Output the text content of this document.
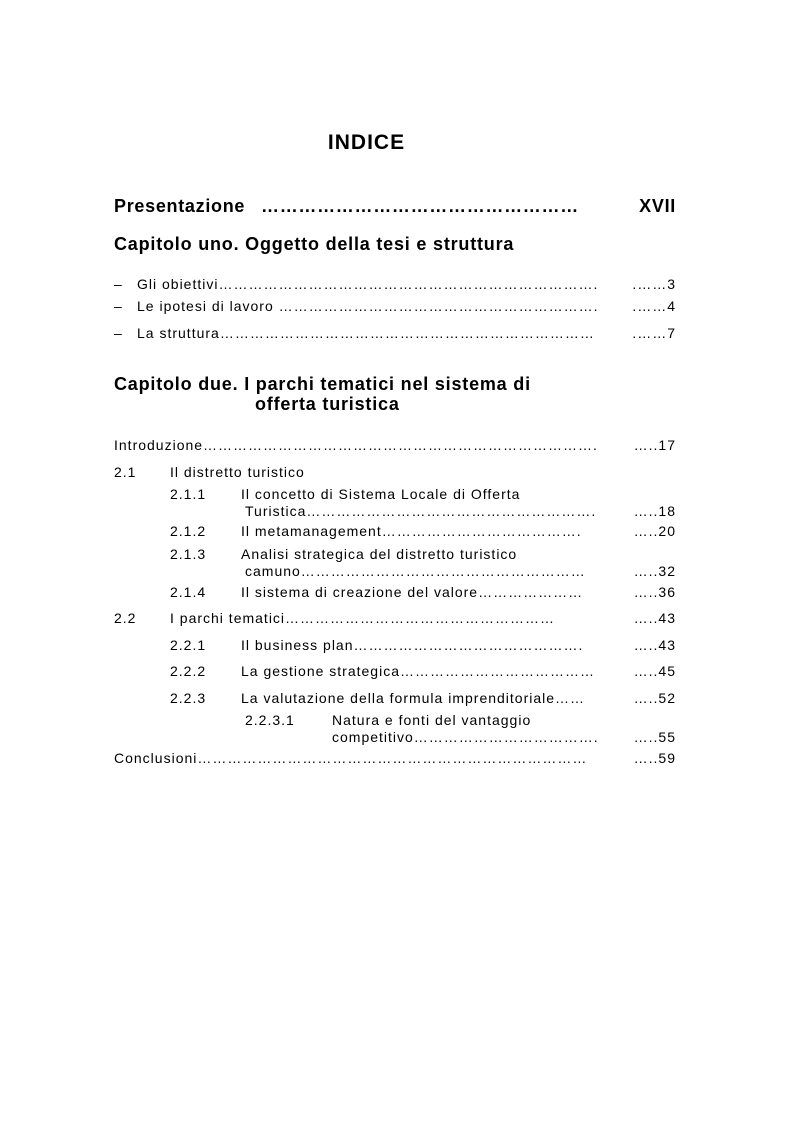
INDICE
Presentazione ……………………………………………	XVII
Capitolo uno. Oggetto della tesi e struttura
– Gli obiettivi………………………………………………………………….	.……3
– Le ipotesi di lavoro ……………………………………………………….	.……4
– La struttura…………………………………………………………………	.……7
Capitolo due. I parchi tematici nel sistema di
offerta turistica
Introduzione…………………………………………………………………….	…..17
2.1 Il distretto turistico
2.1.1 Il concetto di Sistema Locale di Offerta
Turistica………………………………………………….	…..18
2.1.2 Il metamanagement………………………………….	…..20
2.1.3 Analisi strategica del distretto turistico
camuno…………………………………………………	…..32
2.1.4 Il sistema di creazione del valore…………………	…..36
2.2 I parchi tematici………………………………………………	…..43
2.2.1 Il business plan……………………………………….	…..43
2.2.2 La gestione strategica…………………………………	…..45
2.2.3 La valutazione della formula imprenditoriale……	…..52
2.2.3.1	Natura e fonti del vantaggio
competitivo……………………………….	…..55
Conclusioni……………………………………………………………………	…..59
